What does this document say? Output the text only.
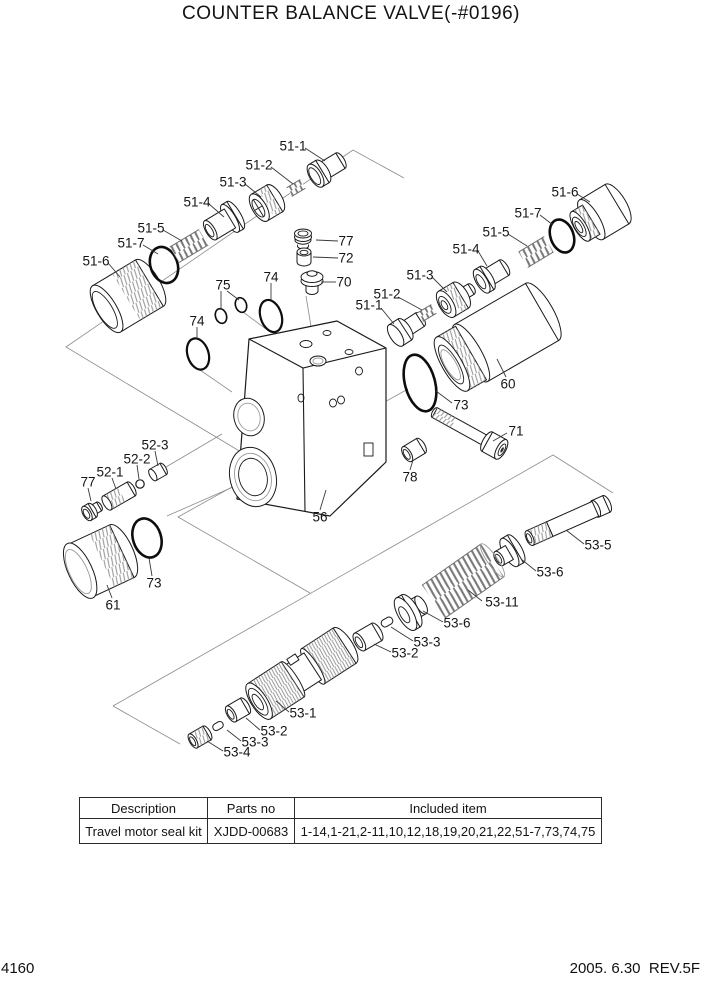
COUNTER BALANCE VALVE(-#0196)
51-1
51-2
51-3
51-4
51-5
51-7
51-6
77
72
70
75
74
74
51-2
51-1
51-3
51-4
51-5
51-7
51-6
60
73
71
78
56
52-3
52-2
52-1
77
73
61
53-5
53-6
53-11
53-6
53-3
53-2
53-1
53-2
53-3
53-4
Description	Parts no	Included item
Travel motor seal kit	XJDD-00683	1-14,1-21,2-11,10,12,18,19,20,21,22,51-7,73,74,75
4160	2005. 6.30  REV.5F
